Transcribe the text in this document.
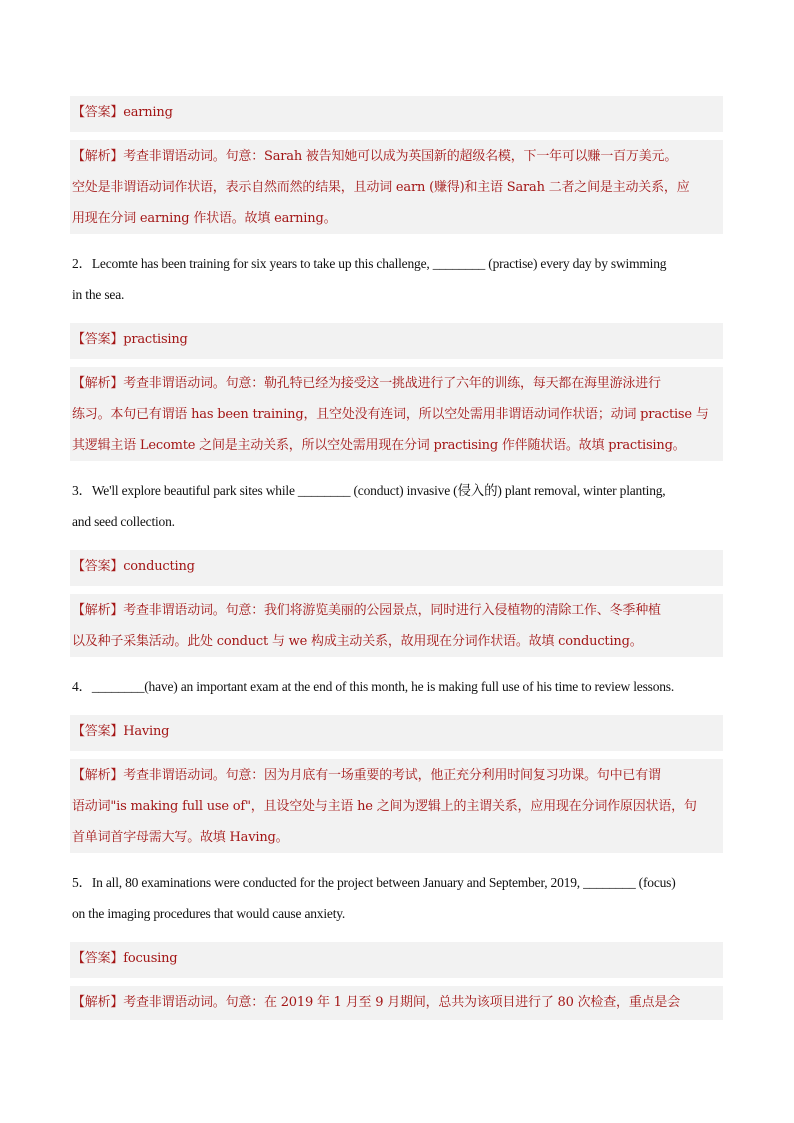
【答案】earning
【解析】考查非谓语动词。句意：Sarah 被告知她可以成为英国新的超级名模，下一年可以赚一百万美元。
空处是非谓语动词作状语，表示自然而然的结果，且动词 earn (赚得)和主语 Sarah 二者之间是主动关系，应
用现在分词 earning 作状语。故填 earning。
2．Lecomte has been training for six years to take up this challenge, ________ (practise) every day by swimming
in the sea.
【答案】practising
【解析】考查非谓语动词。句意：勒孔特已经为接受这一挑战进行了六年的训练，每天都在海里游泳进行
练习。本句已有谓语 has been training，且空处没有连词，所以空处需用非谓语动词作状语；动词 practise 与
其逻辑主语 Lecomte 之间是主动关系，所以空处需用现在分词 practising 作伴随状语。故填 practising。
3．We'll explore beautiful park sites while ________ (conduct) invasive (侵入的) plant removal, winter planting,
and seed collection.
【答案】conducting
【解析】考查非谓语动词。句意：我们将游览美丽的公园景点，同时进行入侵植物的清除工作、冬季种植
以及种子采集活动。此处 conduct 与 we 构成主动关系，故用现在分词作状语。故填 conducting。
4．________(have) an important exam at the end of this month, he is making full use of his time to review lessons.
【答案】Having
【解析】考查非谓语动词。句意：因为月底有一场重要的考试，他正充分利用时间复习功课。句中已有谓
语动词"is making full use of"，且设空处与主语 he 之间为逻辑上的主谓关系，应用现在分词作原因状语，句
首单词首字母需大写。故填 Having。
5．In all, 80 examinations were conducted for the project between January and September, 2019, ________ (focus)
on the imaging procedures that would cause anxiety.
【答案】focusing
【解析】考查非谓语动词。句意：在 2019 年 1 月至 9 月期间，总共为该项目进行了 80 次检查，重点是会
